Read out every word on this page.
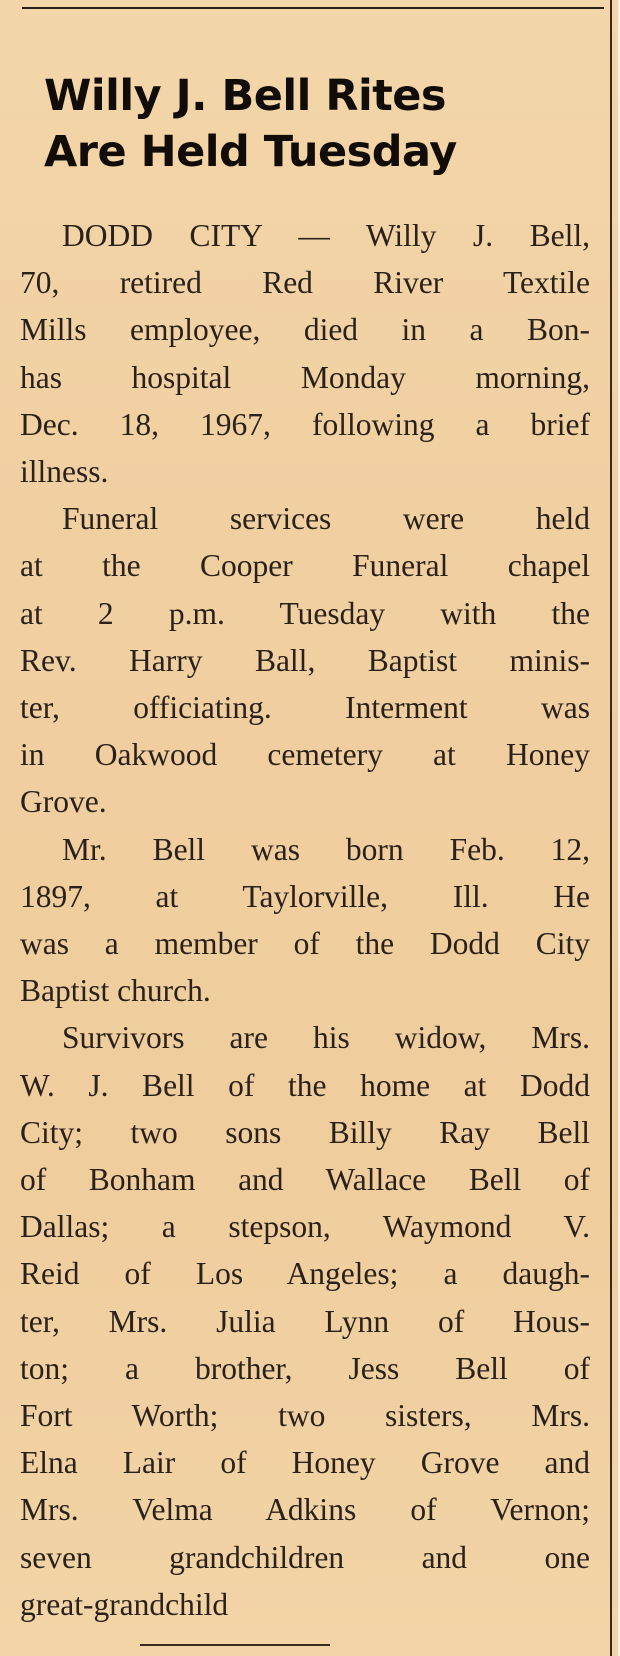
Willy J. Bell Rites
Are Held Tuesday
DODD CITY — Willy J. Bell,
70, retired Red River Textile
Mills employee, died in a Bon-
has hospital Monday morning,
Dec. 18, 1967, following a brief
illness.
Funeral services were held
at the Cooper Funeral chapel
at 2 p.m. Tuesday with the
Rev. Harry Ball, Baptist minis-
ter, officiating. Interment was
in Oakwood cemetery at Honey
Grove.
Mr. Bell was born Feb. 12,
1897, at Taylorville, Ill. He
was a member of the Dodd City
Baptist church.
Survivors are his widow, Mrs.
W. J. Bell of the home at Dodd
City; two sons Billy Ray Bell
of Bonham and Wallace Bell of
Dallas; a stepson, Waymond V.
Reid of Los Angeles; a daugh-
ter, Mrs. Julia Lynn of Hous-
ton; a brother, Jess Bell of
Fort Worth; two sisters, Mrs.
Elna Lair of Honey Grove and
Mrs. Velma Adkins of Vernon;
seven grandchildren and one
great-grandchild
